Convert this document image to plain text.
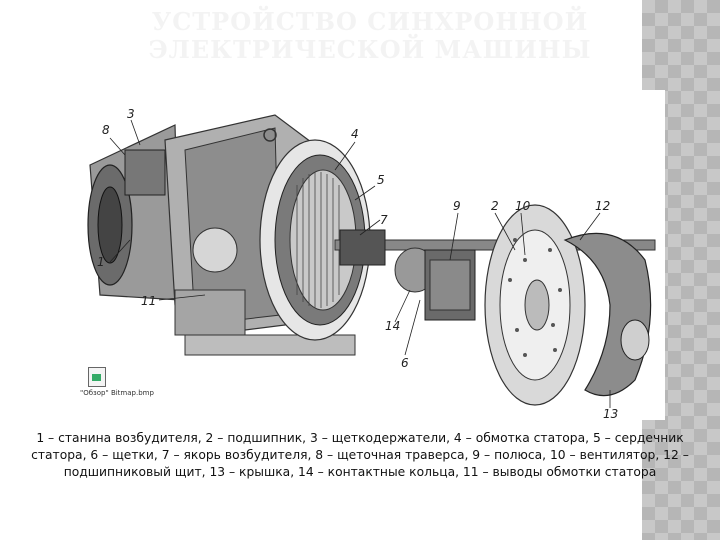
УСТРОЙСТВО СИНХРОННОЙ ЭЛЕКТРИЧЕСКОЙ МАШИНЫ
8
3
1
11
4
5
7
9	2 10	12
14
6
13
"Обзор" Bitmap.bmp
1 – станина возбудителя, 2 – подшипник, 3 – щеткодержатели, 4 – обмотка статора, 5 – сердечник статора, 6 – щетки, 7 – якорь возбудителя, 8 – щеточная траверса, 9 – полюса, 10 – вентилятор, 12 – подшипниковый щит, 13 – крышка, 14 – контактные кольца, 11 – выводы обмотки статора
